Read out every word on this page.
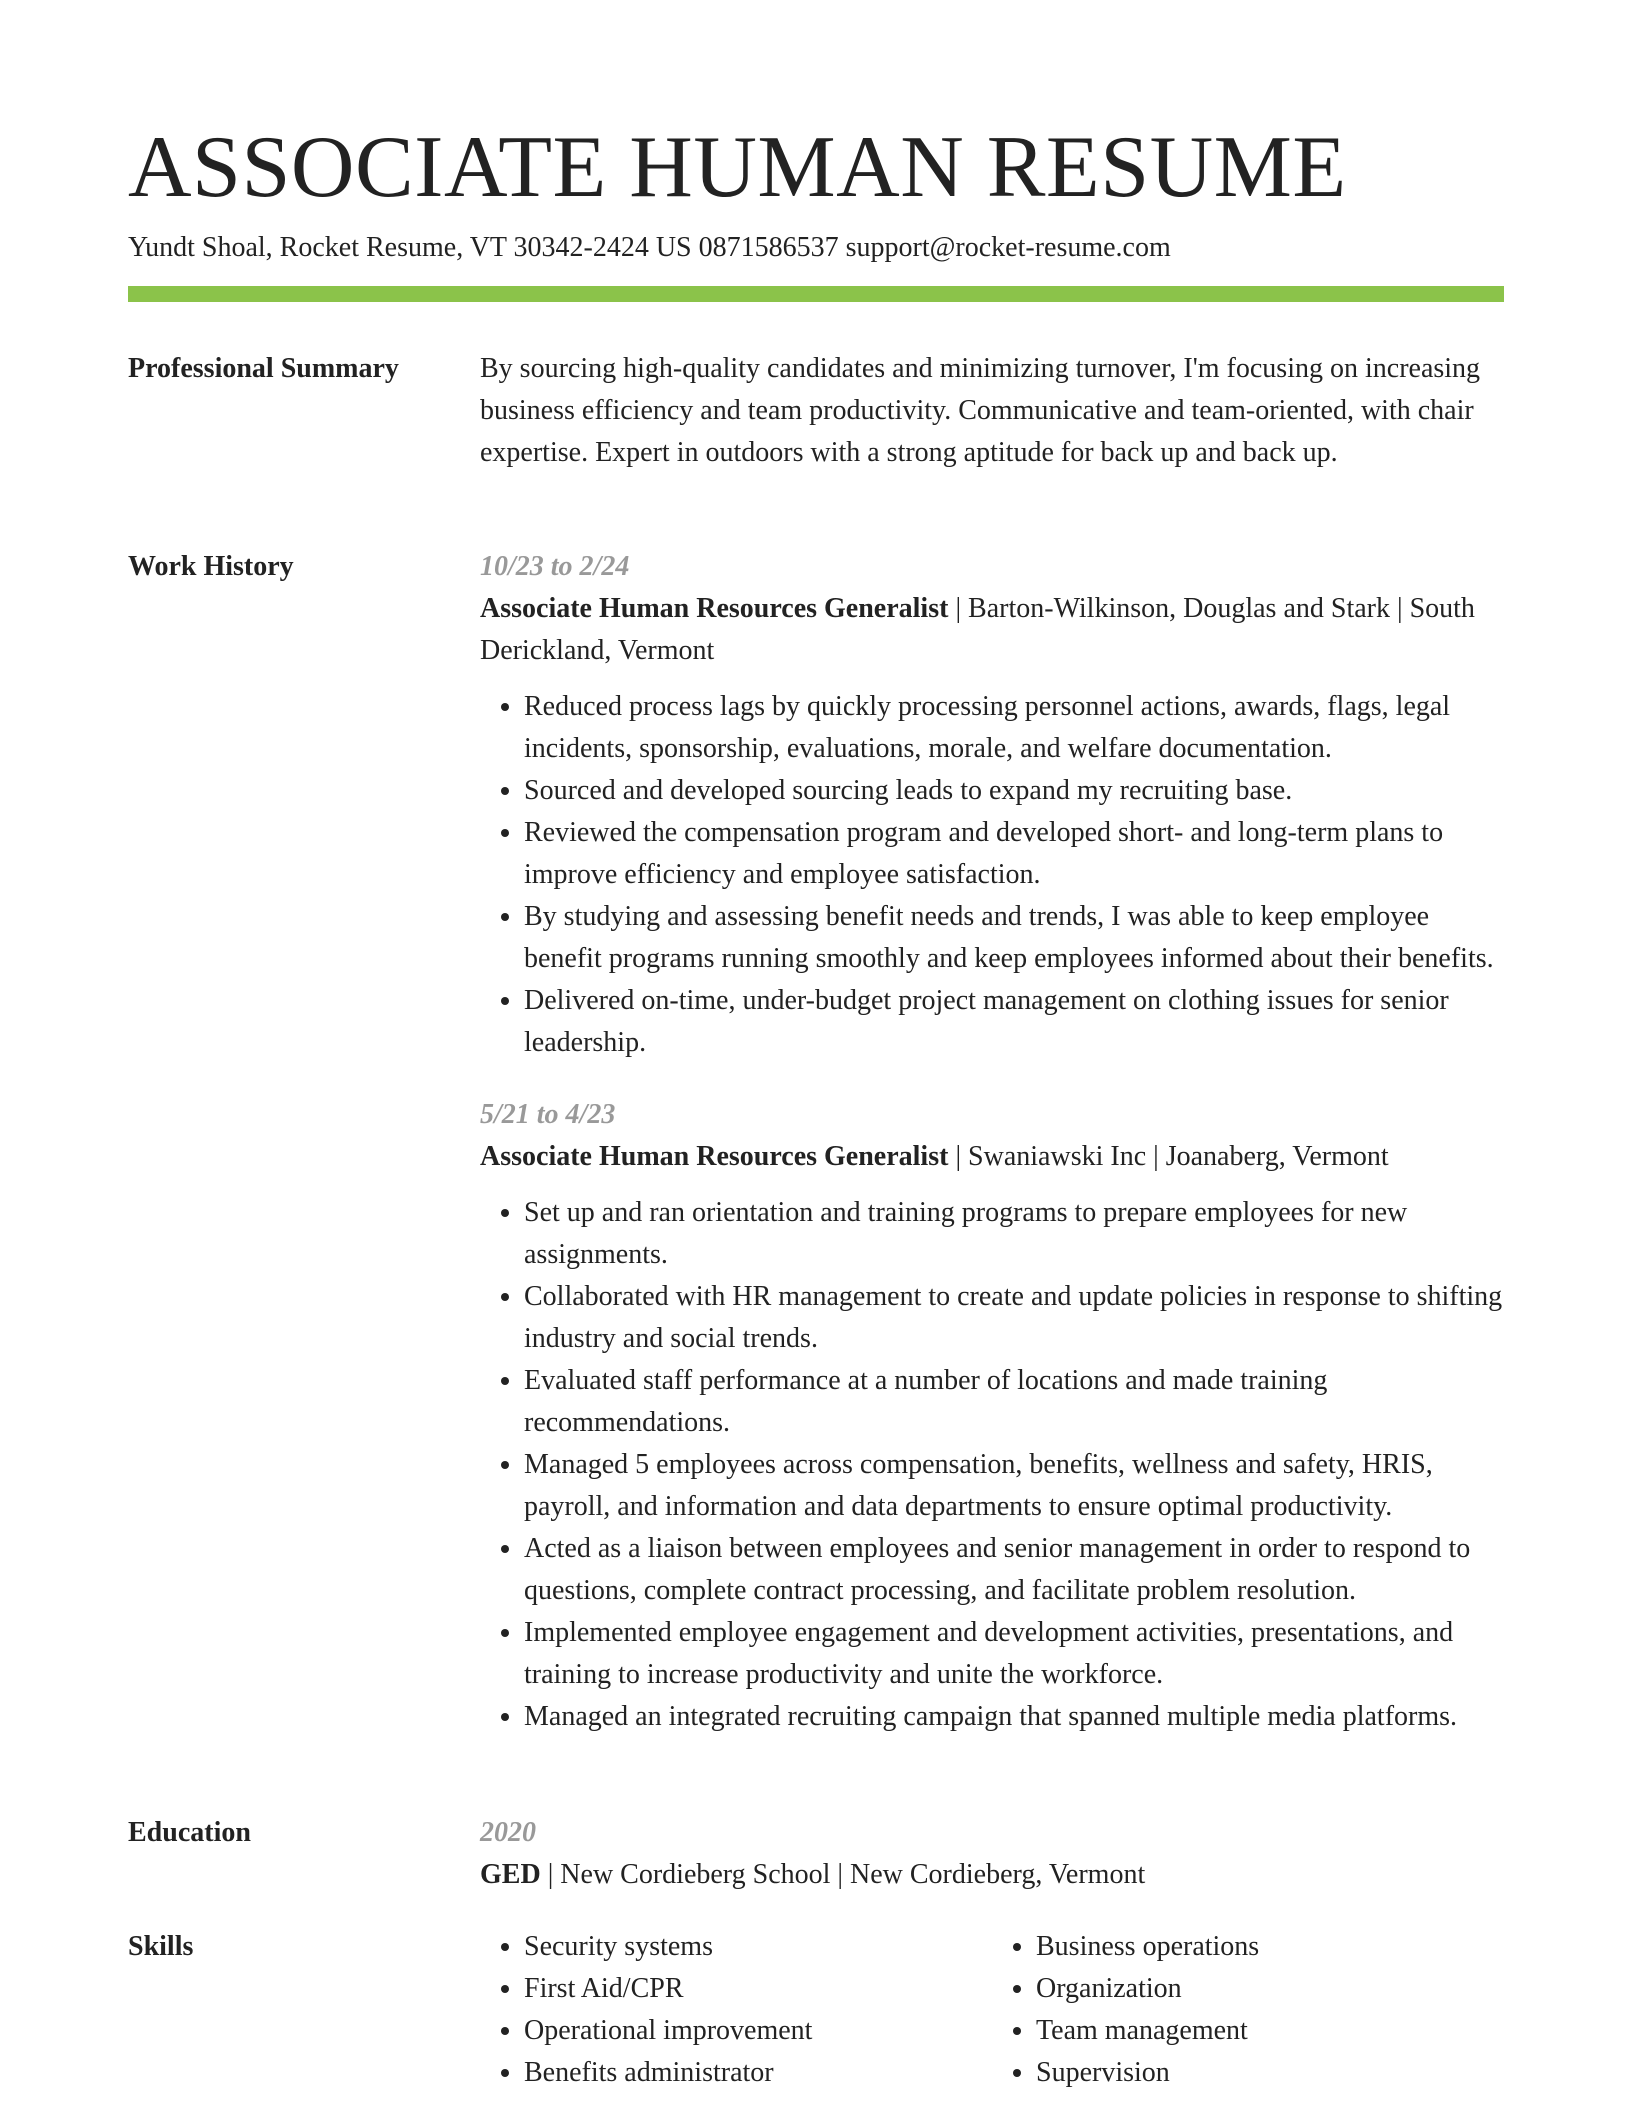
ASSOCIATE HUMAN RESUME
Yundt Shoal, Rocket Resume, VT 30342-2424 US 0871586537 support@rocket-resume.com
Professional Summary	By sourcing high-quality candidates and minimizing turnover, I'm focusing on increasing business efficiency and team productivity. Communicative and team-oriented, with chair expertise. Expert in outdoors with a strong aptitude for back up and back up.

Work History	10/23 to 2/24
Associate Human Resources Generalist | Barton-Wilkinson, Douglas and Stark | South Derickland, Vermont
• Reduced process lags by quickly processing personnel actions, awards, flags, legal incidents, sponsorship, evaluations, morale, and welfare documentation.
• Sourced and developed sourcing leads to expand my recruiting base.
• Reviewed the compensation program and developed short- and long-term plans to improve efficiency and employee satisfaction.
• By studying and assessing benefit needs and trends, I was able to keep employee benefit programs running smoothly and keep employees informed about their benefits.
• Delivered on-time, under-budget project management on clothing issues for senior leadership.
5/21 to 4/23
Associate Human Resources Generalist | Swaniawski Inc | Joanaberg, Vermont
• Set up and ran orientation and training programs to prepare employees for new assignments.
• Collaborated with HR management to create and update policies in response to shifting industry and social trends.
• Evaluated staff performance at a number of locations and made training recommendations.
• Managed 5 employees across compensation, benefits, wellness and safety, HRIS, payroll, and information and data departments to ensure optimal productivity.
• Acted as a liaison between employees and senior management in order to respond to questions, complete contract processing, and facilitate problem resolution.
• Implemented employee engagement and development activities, presentations, and training to increase productivity and unite the workforce.
• Managed an integrated recruiting campaign that spanned multiple media platforms.
Education	2020
GED | New Cordieberg School | New Cordieberg, Vermont
Skills
•	Security systems
• First Aid/CPR
• Operational improvement
• Benefits administrator
• Business operations
• Organization
• Team management
• Supervision
